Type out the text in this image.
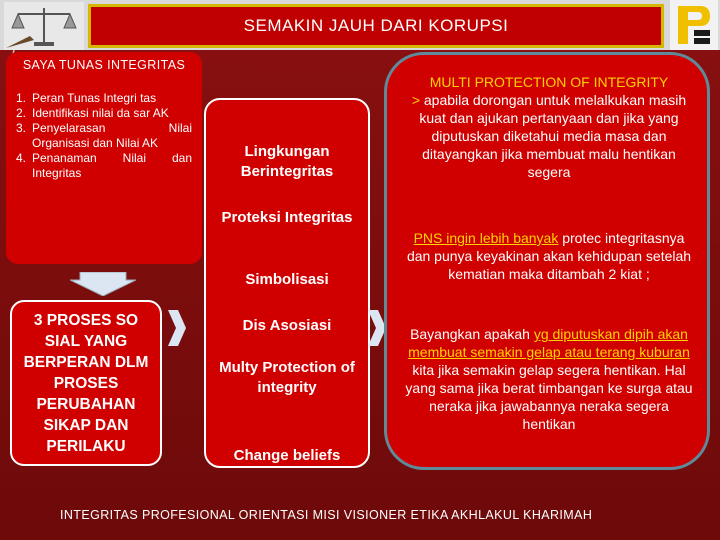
SEMAKIN JAUH DARI KORUPSI
SAYA TUNAS INTEGRITAS
1. Peran Tunas Integri tas
2. Identifikasi nilai da sar AK
3. Penyelarasan Nilai Organisasi dan Nilai AK
4. Penanaman Nilai dan Integritas
3 PROSES SO SIAL YANG BERPERAN DLM PROSES PERUBAHAN SIKAP DAN PERILAKU
Lingkungan Berintegritas
Proteksi Integritas
Simbolisasi
Dis Asosiasi
Multy Protection of integrity
Change beliefs
MULTI PROTECTION OF INTEGRITY
> apabila dorongan untuk melalkukan masih kuat dan ajukan pertanyaan dan jika yang diputuskan diketahui media masa dan ditayangkan jika membuat malu hentikan segera
PNS ingin lebih banyak protec integritasnya dan punya keyakinan akan kehidupan setelah kematian maka ditambah 2 kiat ;
Bayangkan apakah yg diputuskan dipih akan membuat semakin gelap atau terang kuburan kita jika semakin gelap segera hentikan. Hal yang sama jika berat timbangan ke surga atau neraka jika jawabannya neraka segera hentikan
INTEGRITAS PROFESIONAL ORIENTASI MISI VISIONER ETIKA AKHLAKUL KHARIMAH
